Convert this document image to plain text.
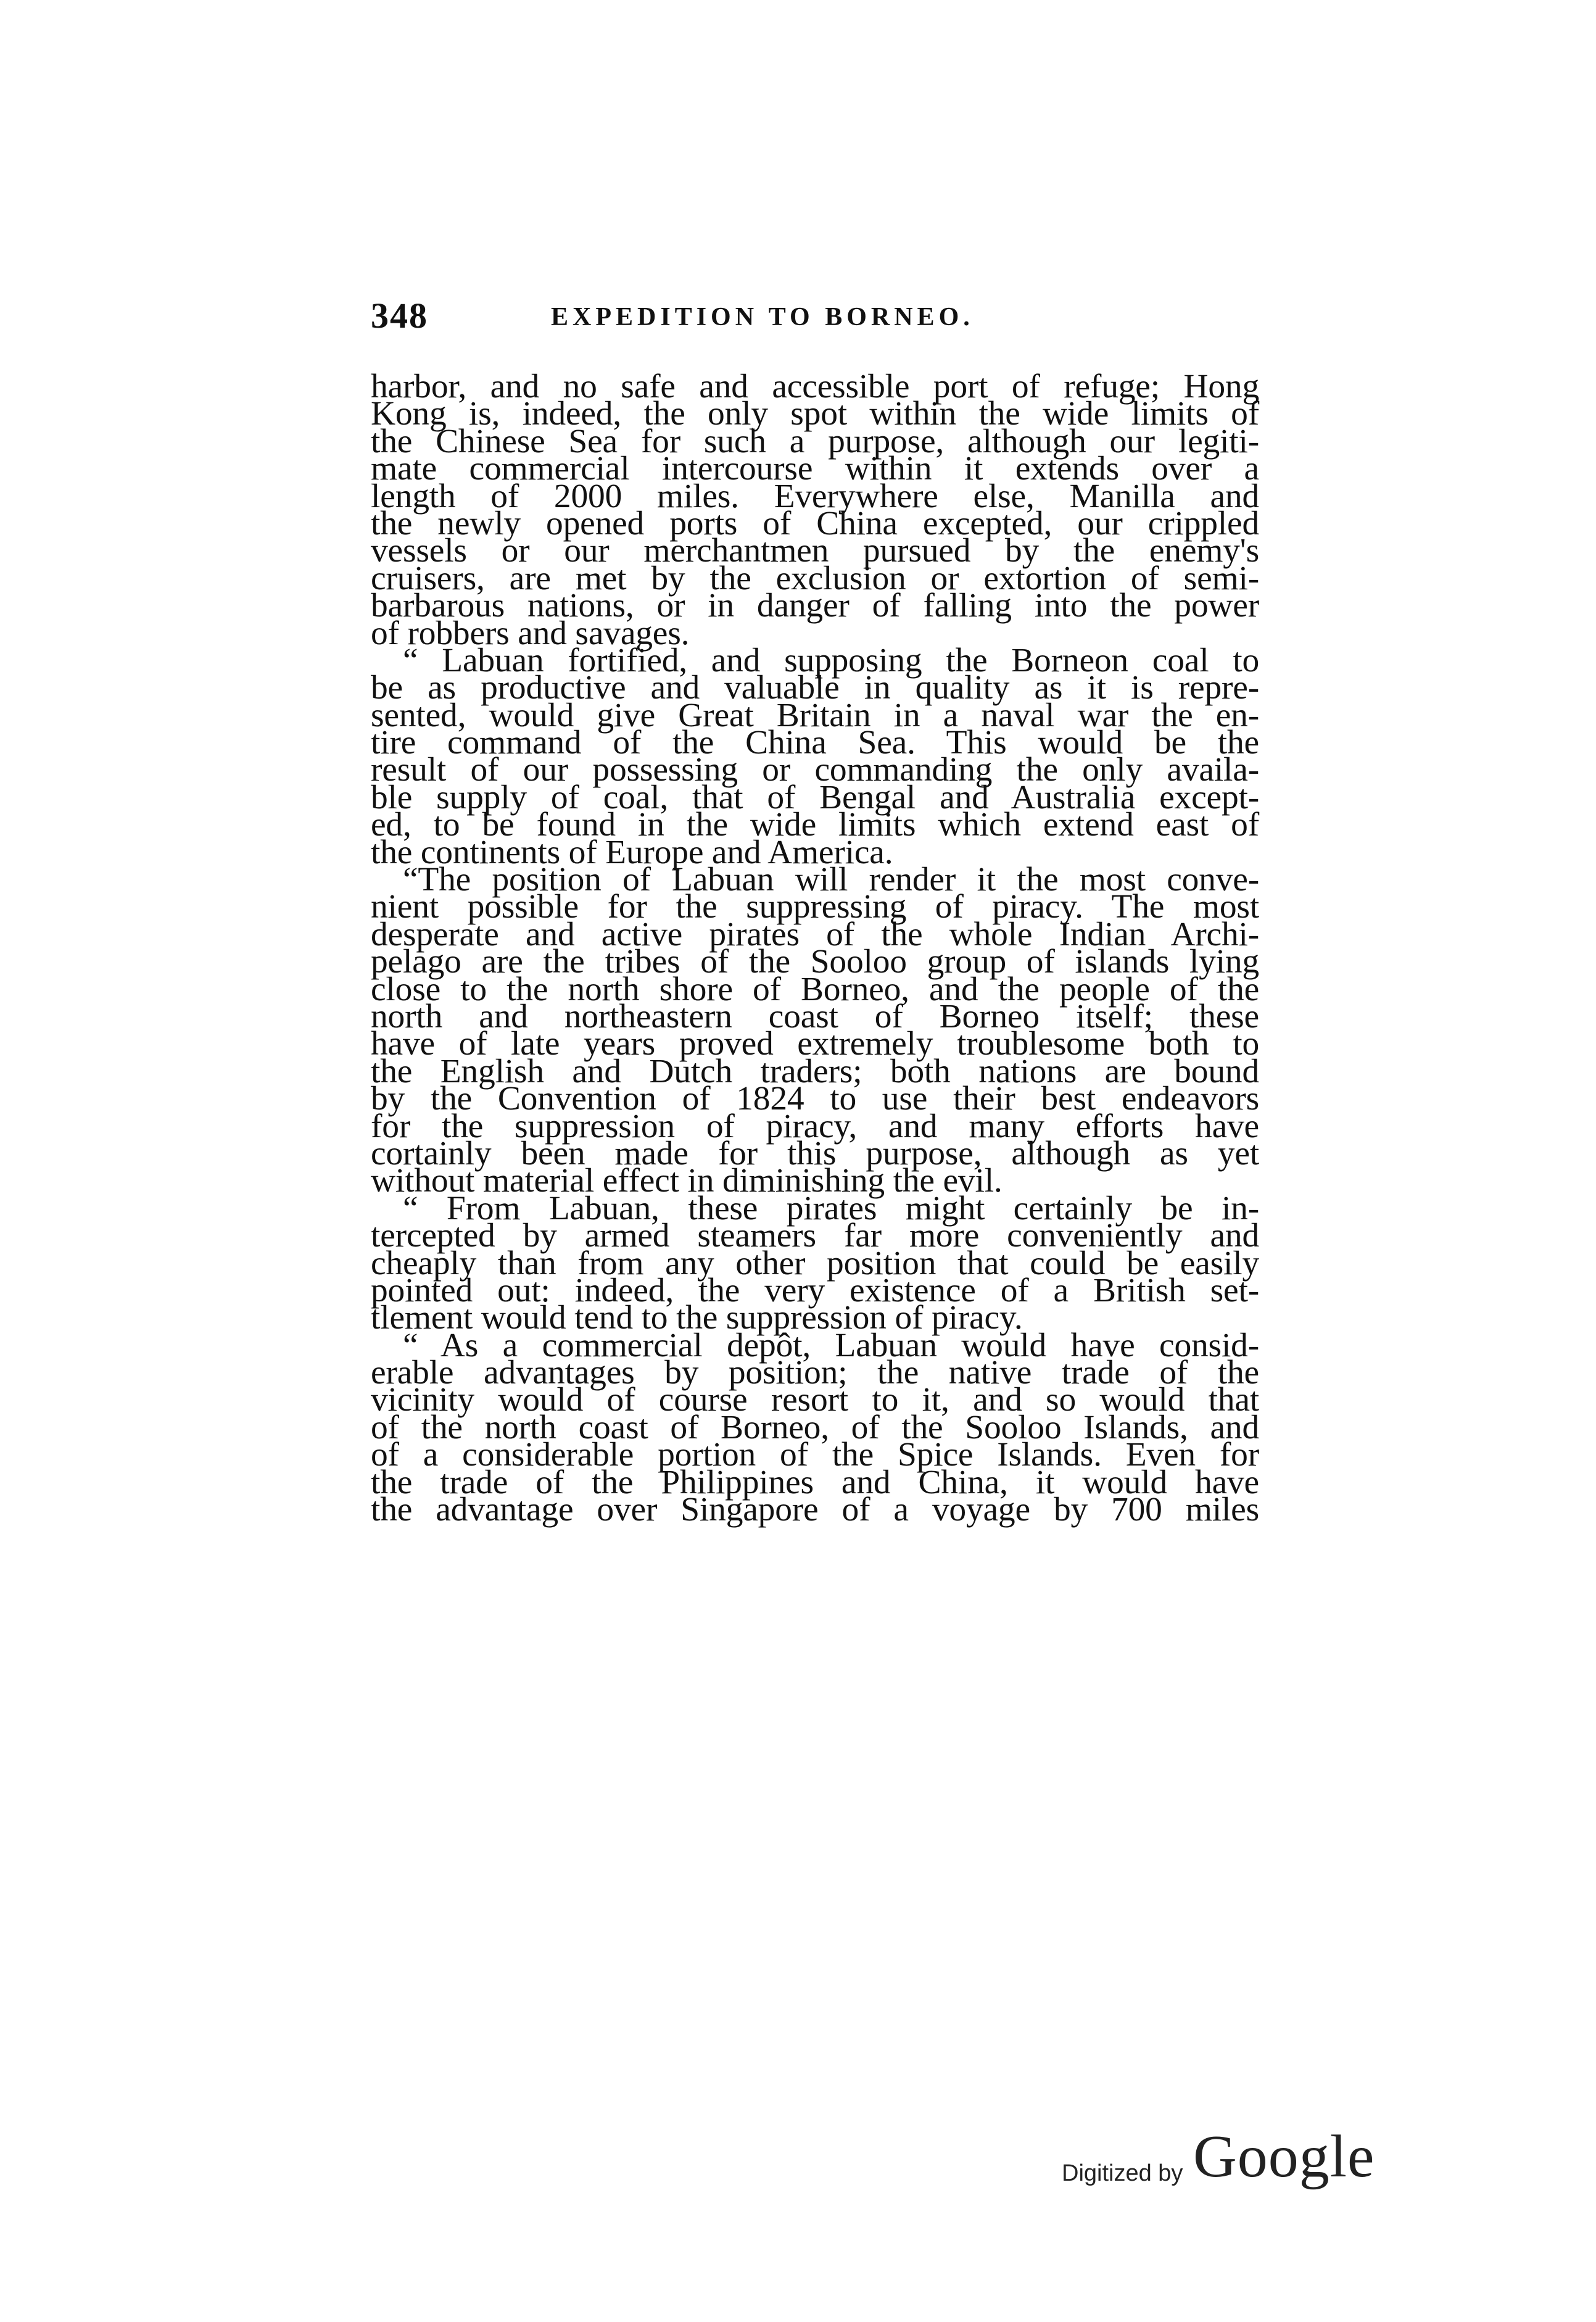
348	EXPEDITION TO BORNEO.
harbor, and no safe and accessible port of refuge; Hong
Kong is, indeed, the only spot within the wide limits of
the Chinese Sea for such a purpose, although our legiti-
mate commercial intercourse within it extends over a
length of 2000 miles. Everywhere else, Manilla and
the newly opened ports of China excepted, our crippled
vessels or our merchantmen pursued by the enemy's
cruisers, are met by the exclusion or extortion of semi-
barbarous nations, or in danger of falling into the power
of robbers and savages.
“ Labuan fortified, and supposing the Borneon coal to
be as productive and valuable in quality as it is repre-
sented, would give Great Britain in a naval war the en-
tire command of the China Sea. This would be the
result of our possessing or commanding the only availa-
ble supply of coal, that of Bengal and Australia except-
ed, to be found in the wide limits which extend east of
the continents of Europe and America.
“The position of Labuan will render it the most conve-
nient possible for the suppressing of piracy. The most
desperate and active pirates of the whole Indian Archi-
pelago are the tribes of the Sooloo group of islands lying
close to the north shore of Borneo, and the people of the
north and northeastern coast of Borneo itself; these
have of late years proved extremely troublesome both to
the English and Dutch traders; both nations are bound
by the Convention of 1824 to use their best endeavors
for the suppression of piracy, and many efforts have
cortainly been made for this purpose, although as yet
without material effect in diminishing the evil.
“ From Labuan, these pirates might certainly be in-
tercepted by armed steamers far more conveniently and
cheaply than from any other position that could be easily
pointed out: indeed, the very existence of a British set-
tlement would tend to the suppression of piracy.
“ As a commercial depôt, Labuan would have consid-
erable advantages by position; the native trade of the
vicinity would of course resort to it, and so would that
of the north coast of Borneo, of the Sooloo Islands, and
of a considerable portion of the Spice Islands. Even for
the trade of the Philippines and China, it would have
the advantage over Singapore of a voyage by 700 miles
Digitized by Google
